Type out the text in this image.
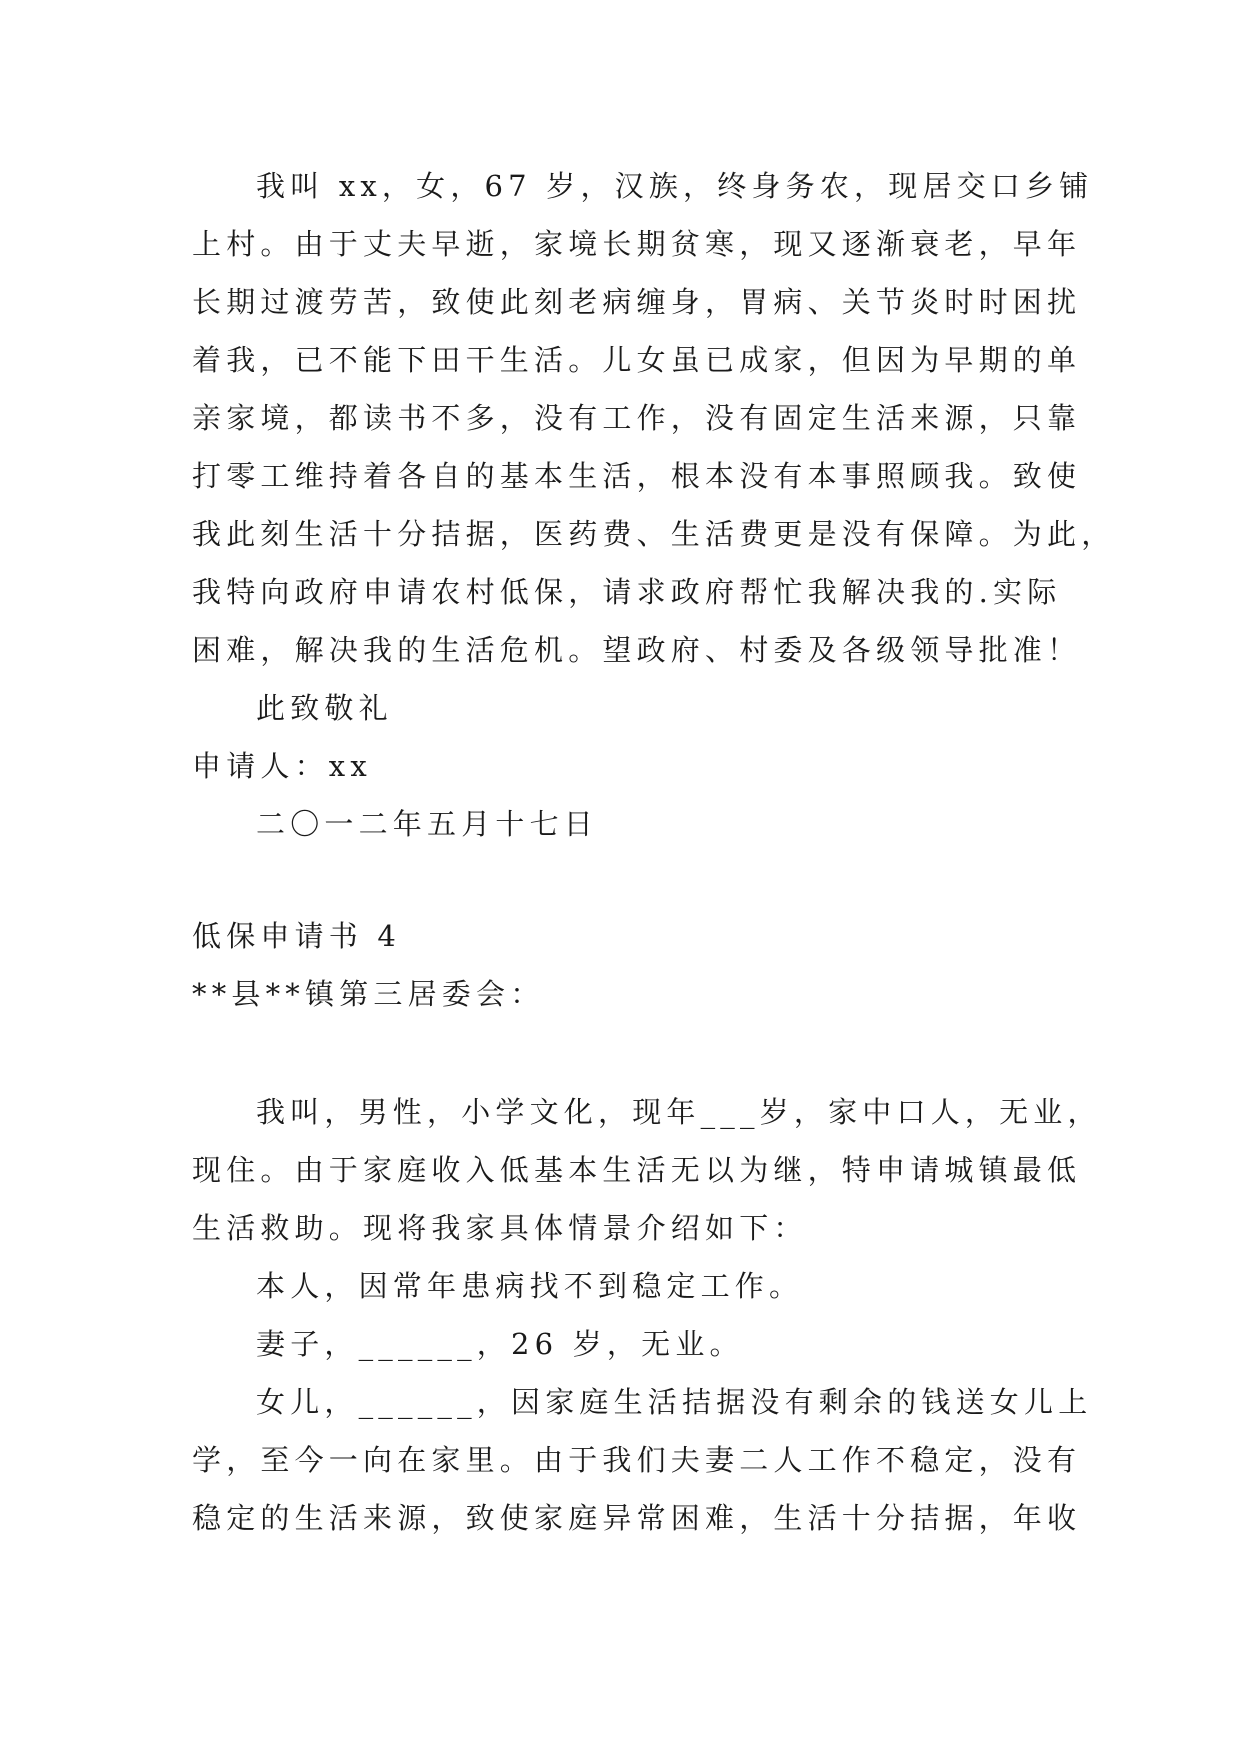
我叫 xx，女，67 岁，汉族，终身务农，现居交口乡铺
上村。由于丈夫早逝，家境长期贫寒，现又逐渐衰老，早年
长期过渡劳苦，致使此刻老病缠身，胃病、关节炎时时困扰
着我，已不能下田干生活。儿女虽已成家，但因为早期的单
亲家境，都读书不多，没有工作，没有固定生活来源，只靠
打零工维持着各自的基本生活，根本没有本事照顾我。致使
我此刻生活十分拮据，医药费、生活费更是没有保障。为此，
我特向政府申请农村低保，请求政府帮忙我解决我的.实际
困难，解决我的生活危机。望政府、村委及各级领导批准！
此致敬礼
申请人：xx
二〇一二年五月十七日
低保申请书 4
**县**镇第三居委会：
我叫，男性，小学文化，现年___岁，家中口人，无业，
现住。由于家庭收入低基本生活无以为继，特申请城镇最低
生活救助。现将我家具体情景介绍如下：
本人，因常年患病找不到稳定工作。
妻子，______，26 岁，无业。
女儿，______，因家庭生活拮据没有剩余的钱送女儿上
学，至今一向在家里。由于我们夫妻二人工作不稳定，没有
稳定的生活来源，致使家庭异常困难，生活十分拮据，年收
